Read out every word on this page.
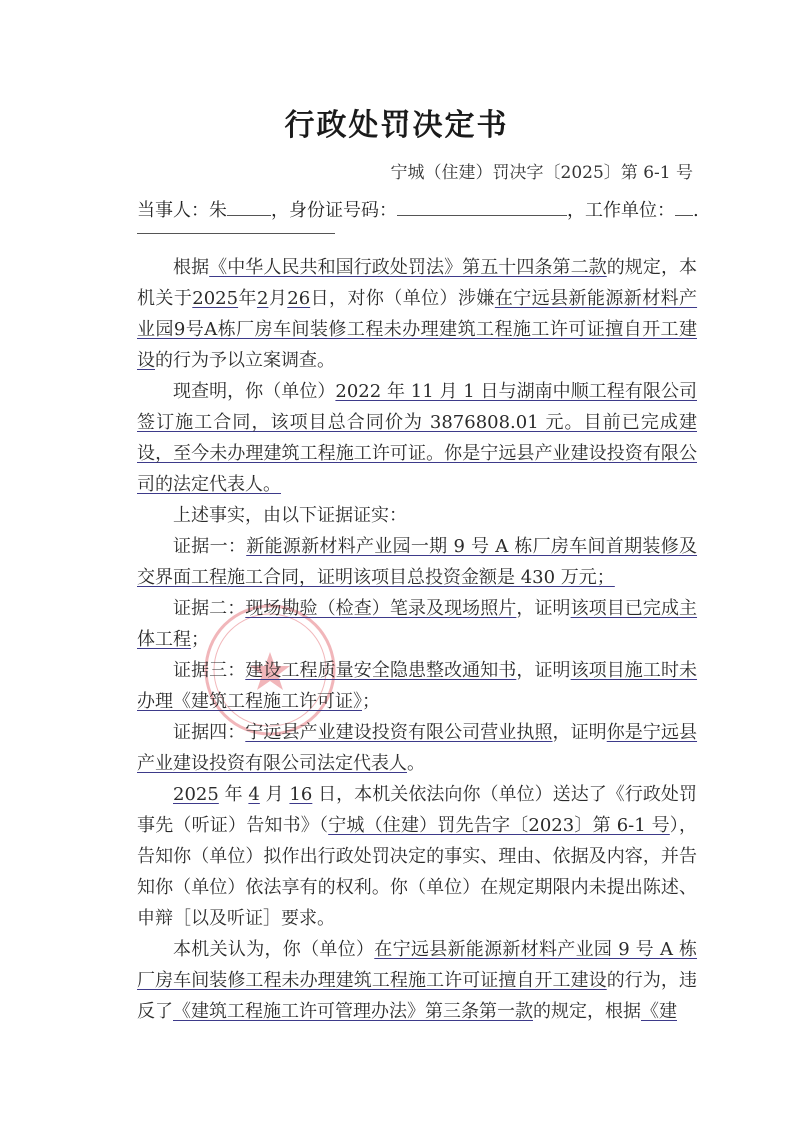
行政处罚决定书
宁城（住建）罚决字〔2025〕第 6-1 号
当事人：朱 ，身份证号码：	，工作单位： .

根据《中华人民共和国行政处罚法》第五十四条第二款的规定，本机关于2025年2月26日，对你（单位）涉嫌在宁远县新能源新材料产业园9号A栋厂房车间装修工程未办理建筑工程施工许可证擅自开工建设的行为予以立案调查。

现查明，你（单位）2022 年 11 月 1 日与湖南中顺工程有限公司签订施工合同，该项目总合同价为 3876808.01 元。目前已完成建设，至今未办理建筑工程施工许可证。你是宁远县产业建设投资有限公司的法定代表人。

上述事实，由以下证据证实：

证据一：新能源新材料产业园一期 9 号 A 栋厂房车间首期装修及交界面工程施工合同，证明该项目总投资金额是 430 万元；

证据二：现场勘验（检查）笔录及现场照片，证明该项目已完成主体工程；

证据三：建设工程质量安全隐患整改通知书，证明该项目施工时未办理《建筑工程施工许可证》；

证据四：宁远县产业建设投资有限公司营业执照，证明你是宁远县产业建设投资有限公司法定代表人。

2025 年 4 月 16 日，本机关依法向你（单位）送达了《行政处罚事先（听证）告知书》（宁城（住建）罚先告字〔2023〕第 6-1 号），告知你（单位）拟作出行政处罚决定的事实、理由、依据及内容，并告知你（单位）依法享有的权利。你（单位）在规定期限内未提出陈述、申辩［以及听证］要求。

本机关认为，你（单位）在宁远县新能源新材料产业园 9 号 A 栋厂房车间装修工程未办理建筑工程施工许可证擅自开工建设的行为，违反了《建筑工程施工许可管理办法》第三条第一款的规定，根据《建
